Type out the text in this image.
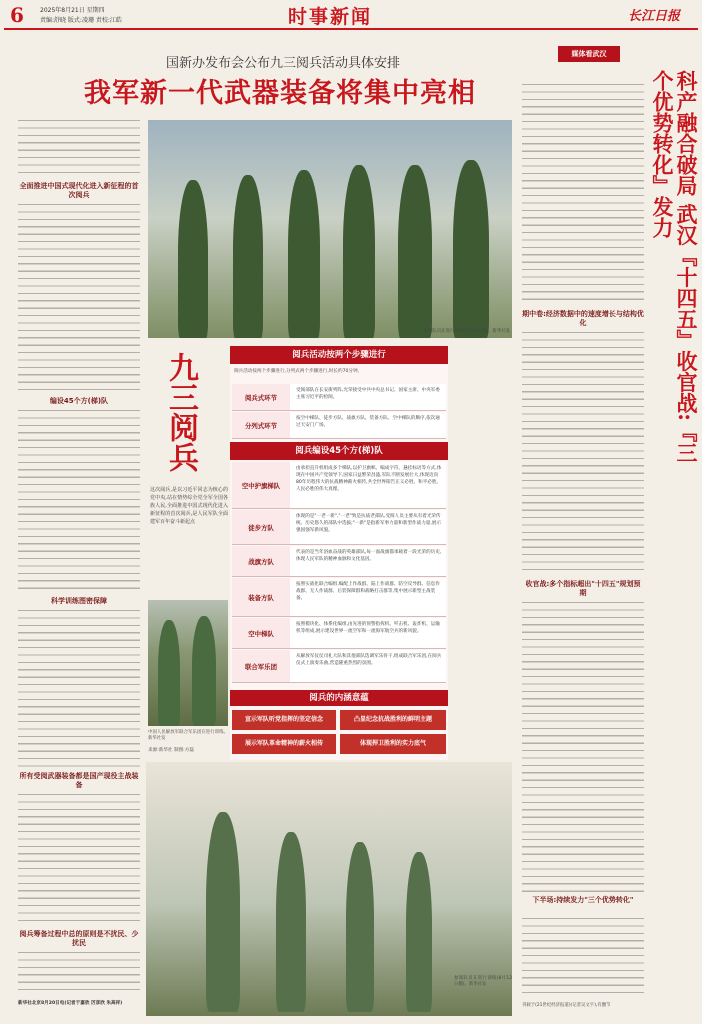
6	2025年8月21日 星期四
责编:舒晓 版式:凌珊 责校:江皓	时事新闻	长江日报
国新办发布会公布九三阅兵活动具体安排
我军新一代武器装备将集中亮相
全面推进中国式现代化进入新征程的首次阅兵
编设45个方(梯)队
科学训练图密保障
所有受阅武器装备都是国产现役主战装备
阅兵筹备过程中总的原则是不扰民、少扰民
新华社北京8月20日电(记者于嘉欣 厉彦欣 朱高祥)
参阅队员在进行训练(8月12日摄)。新华社发
九三阅兵
这次阅兵,是以习近平同志为核心的党中央,站在情势综全党全军全国各族人民,全面推进中国式现代化进入新征程的首次阅兵,是人民军队全面建军百年奋斗新起点
中国人民解放军联合军乐团在进行训练。新华社发
来源:新华社 制图:方磊
阅兵活动按两个步骤进行
阅兵活动按两个步骤进行,分列式两个步骤进行,时长约70分钟。
阅兵式环节
受阅部队在长安街列阵,光荣接受中共中央总书记、国家主席、中央军委主席习近平的检阅。
分列式环节
按空中梯队、徒步方队、战旗方队、装备方队、空中梯队的顺序,依次通过天安门广场。
阅兵编设45个方(梯)队
空中护旗梯队
由承担直升机组成多个梯队,以护卫旗帜、编成字符、悬挂标语等方式,体现在中国共产党领导下,国家日益繁荣昌盛,军队不断发展壮大,体现迈向80年历程伟大的抗战精神薪火相传,共全世界阳告正义必胜、和平必胜、人民必胜的伟大真理。
徒步方队
体现的是"一老一新","一老"致是抗战老部队,受阅人员主要从有着光荣传统、历史悠久的部队中选拔;"一新"是指新军事力量和新型作战力量,展示强国强军新风貌。
战旗方队
代表的是当年浴血奋战的英雄部队,每一面战旗都承载着一段光荣的历史,体现人民军队的精神血脉和文化基因。
装备方队
按照实战化联合编组,编配上作战群、陆上作战群、防空反导群、信息作战群、无人作战群、后装保障群和战略打击群等,集中展示新型主战装备。
空中梯队
按照模块化、体系化编组,由先进的预警指挥机、歼击机、轰炸机、运输机等组成,展示建设世界一流空军和一流海军航空兵的新风貌。
联合军乐团
从解放军仪仗司礼大队和其他部队选调军乐骨干,组成联合军乐团,在阅兵仪式上演奏乐曲,营造隆重热烈的氛围。
阅兵的内涵意蕴
宣示军队听党指挥的坚定信念	凸显纪念抗战胜利的鲜明主题
展示军队革命精神的薪火相传	体现捍卫胜利的实力底气
参阅队员在进行训练(8月12日摄)。新华社发
媒体看武汉
科产融合破局 武汉『十四五』收官战:『三个优势转化』发力
期中卷:经济数据中的速度增长与结构优化
收官战:多个指标超出"十四五"规划预期
下半场:持续发力"三个优势转化"
刊载于(21世纪经济报道)(记者吴文宇),有删节
